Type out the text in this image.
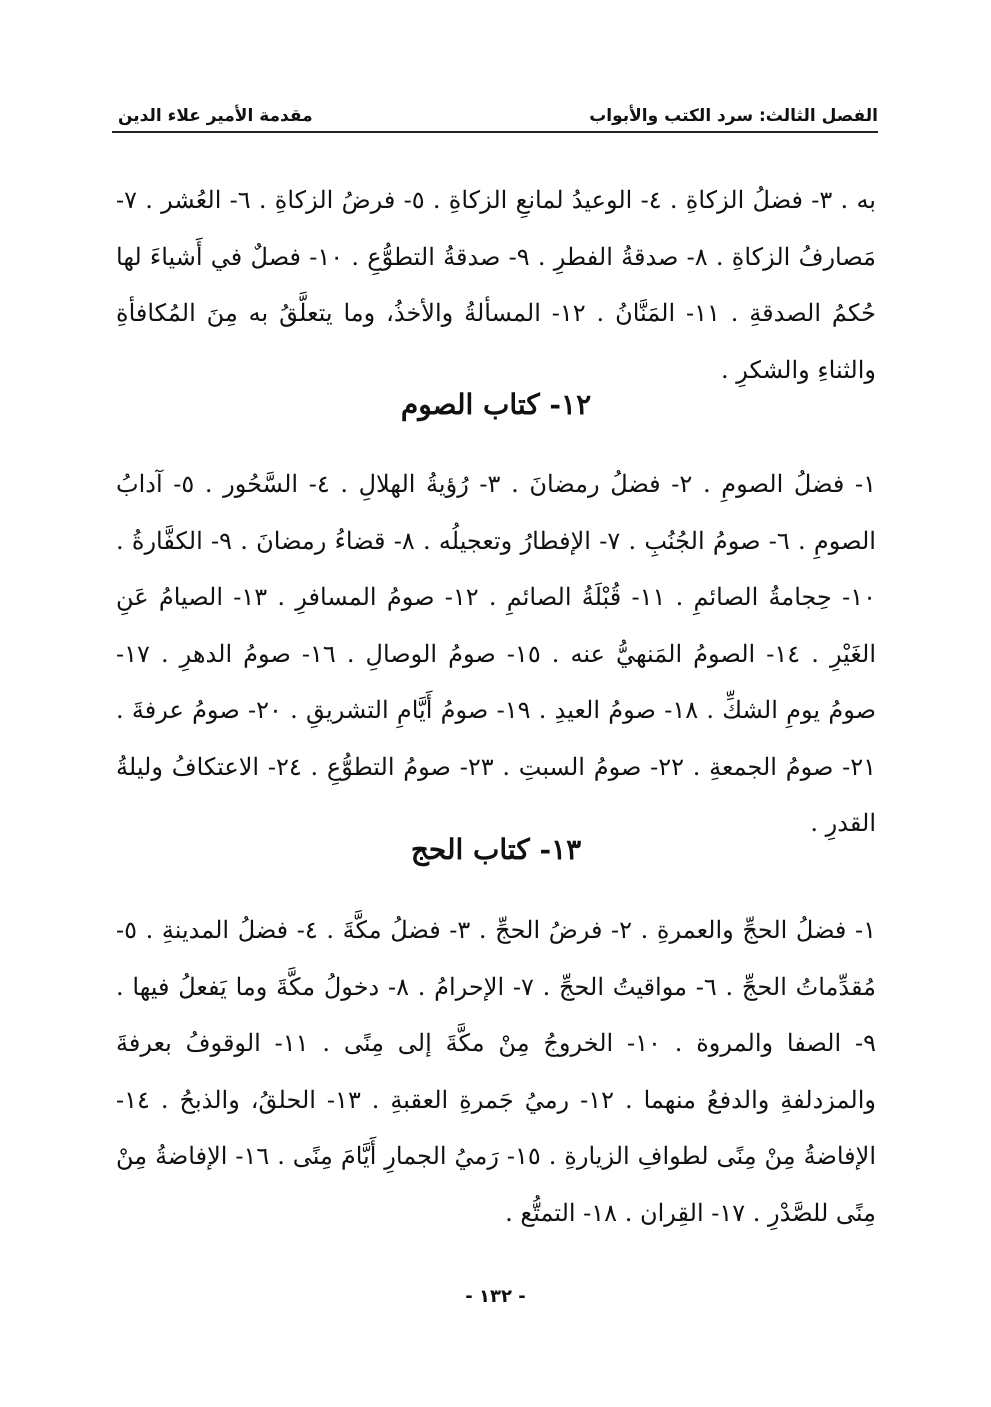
الفصل الثالث: سرد الكتب والأبواب
مقدمة الأمير علاء الدين

به . ٣- فضلُ الزكاةِ . ٤- الوعيدُ لمانعِ الزكاةِ . ٥- فرضُ الزكاةِ . ٦- العُشر . ٧- مَصارفُ الزكاةِ . ٨- صدقةُ الفطرِ . ٩- صدقةُ التطوُّعِ . ١٠- فصلٌ في أَشياءَ لها حُكمُ الصدقةِ . ١١- المَنَّانُ . ١٢- المسألةُ والأخذُ، وما يتعلَّقُ به مِنَ المُكافأةِ والثناءِ والشكرِ .

١٢- كتاب الصوم

١- فضلُ الصومِ . ٢- فضلُ رمضانَ . ٣- رُؤيةُ الهلالِ . ٤- السَّحُور . ٥- آدابُ الصومِ . ٦- صومُ الجُنُبِ . ٧- الإفطارُ وتعجيلُه . ٨- قضاءُ رمضانَ . ٩- الكفَّارةُ . ١٠- حِجامةُ الصائمِ . ١١- قُبْلَةُ الصائمِ . ١٢- صومُ المسافرِ . ١٣- الصيامُ عَنِ الغَيْرِ . ١٤- الصومُ المَنهيُّ عنه . ١٥- صومُ الوصالِ . ١٦- صومُ الدهرِ . ١٧- صومُ يومِ الشكِّ . ١٨- صومُ العيدِ . ١٩- صومُ أَيَّامِ التشريقِ . ٢٠- صومُ عرفةَ . ٢١- صومُ الجمعةِ . ٢٢- صومُ السبتِ . ٢٣- صومُ التطوُّعِ . ٢٤- الاعتكافُ وليلةُ القدرِ .

١٣- كتاب الحج

١- فضلُ الحجِّ والعمرةِ . ٢- فرضُ الحجِّ . ٣- فضلُ مكَّةَ . ٤- فضلُ المدينةِ . ٥- مُقدِّماتُ الحجِّ . ٦- مواقيتُ الحجِّ . ٧- الإحرامُ . ٨- دخولُ مكَّةَ وما يَفعلُ فيها . ٩- الصفا والمروة . ١٠- الخروجُ مِنْ مكَّةَ إلى مِنًى . ١١- الوقوفُ بعرفةَ والمزدلفةِ والدفعُ منهما . ١٢- رميُ جَمرةِ العقبةِ . ١٣- الحلقُ، والذبحُ . ١٤- الإفاضةُ مِنْ مِنًى لطوافِ الزيارةِ . ١٥- رَميُ الجمارِ أَيَّامَ مِنًى . ١٦- الإفاضةُ مِنْ مِنًى للصَّدْرِ . ١٧- القِران . ١٨- التمتُّع .

- ١٣٢ -
